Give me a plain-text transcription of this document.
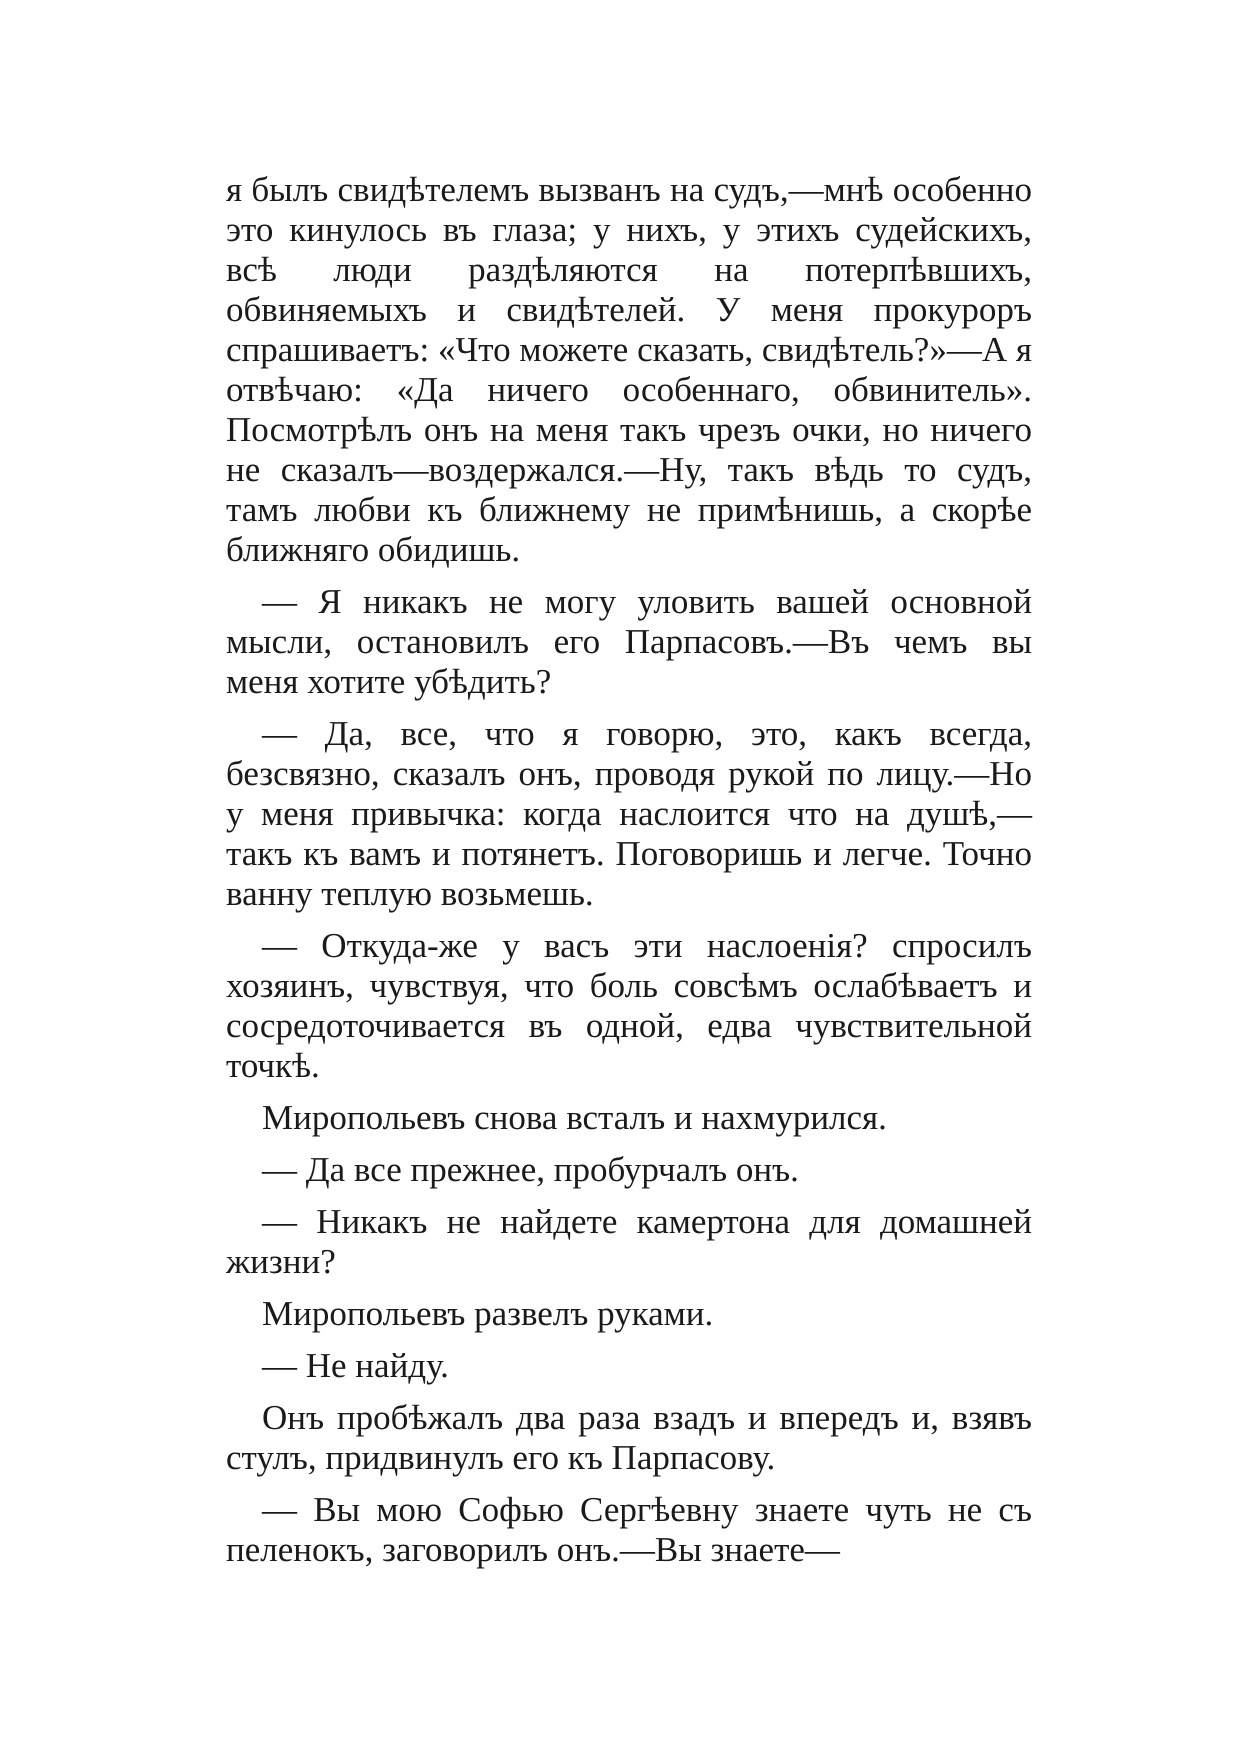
я былъ свидѣтелемъ вызванъ на судъ,—мнѣ особенно это кинулось въ глаза; у нихъ, у этихъ судейскихъ, всѣ люди раздѣляются на потерпѣвшихъ, обвиняемыхъ и свидѣтелей. У меня прокуроръ спрашиваетъ: «Что можете сказать, свидѣтель?»—А я отвѣчаю: «Да ничего особеннаго, обвинитель». Посмотрѣлъ онъ на меня такъ чрезъ очки, но ничего не сказалъ—воздержался.—Ну, такъ вѣдь то судъ, тамъ любви къ ближнему не примѣнишь, а скорѣе ближняго обидишь.

— Я никакъ не могу уловить вашей основной мысли, остановилъ его Парпасовъ.—Въ чемъ вы меня хотите убѣдить?

— Да, все, что я говорю, это, какъ всегда, безсвязно, сказалъ онъ, проводя рукой по лицу.—Но у меня привычка: когда наслоится что на душѣ,—такъ къ вамъ и потянетъ. Поговоришь и легче. Точно ванну теплую возьмешь.

— Откуда-же у васъ эти наслоенія? спросилъ хозяинъ, чувствуя, что боль совсѣмъ ослабѣваетъ и сосредоточивается въ одной, едва чувствительной точкѣ.

Миропольевъ снова всталъ и нахмурился.

— Да все прежнее, пробурчалъ онъ.

— Никакъ не найдете камертона для домашней жизни?

Миропольевъ развелъ руками.

— Не найду.

Онъ пробѣжалъ два раза взадъ и впередъ и, взявъ стулъ, придвинулъ его къ Парпасову.

— Вы мою Софью Сергѣевну знаете чуть не съ пеленокъ, заговорилъ онъ.—Вы знаете—
